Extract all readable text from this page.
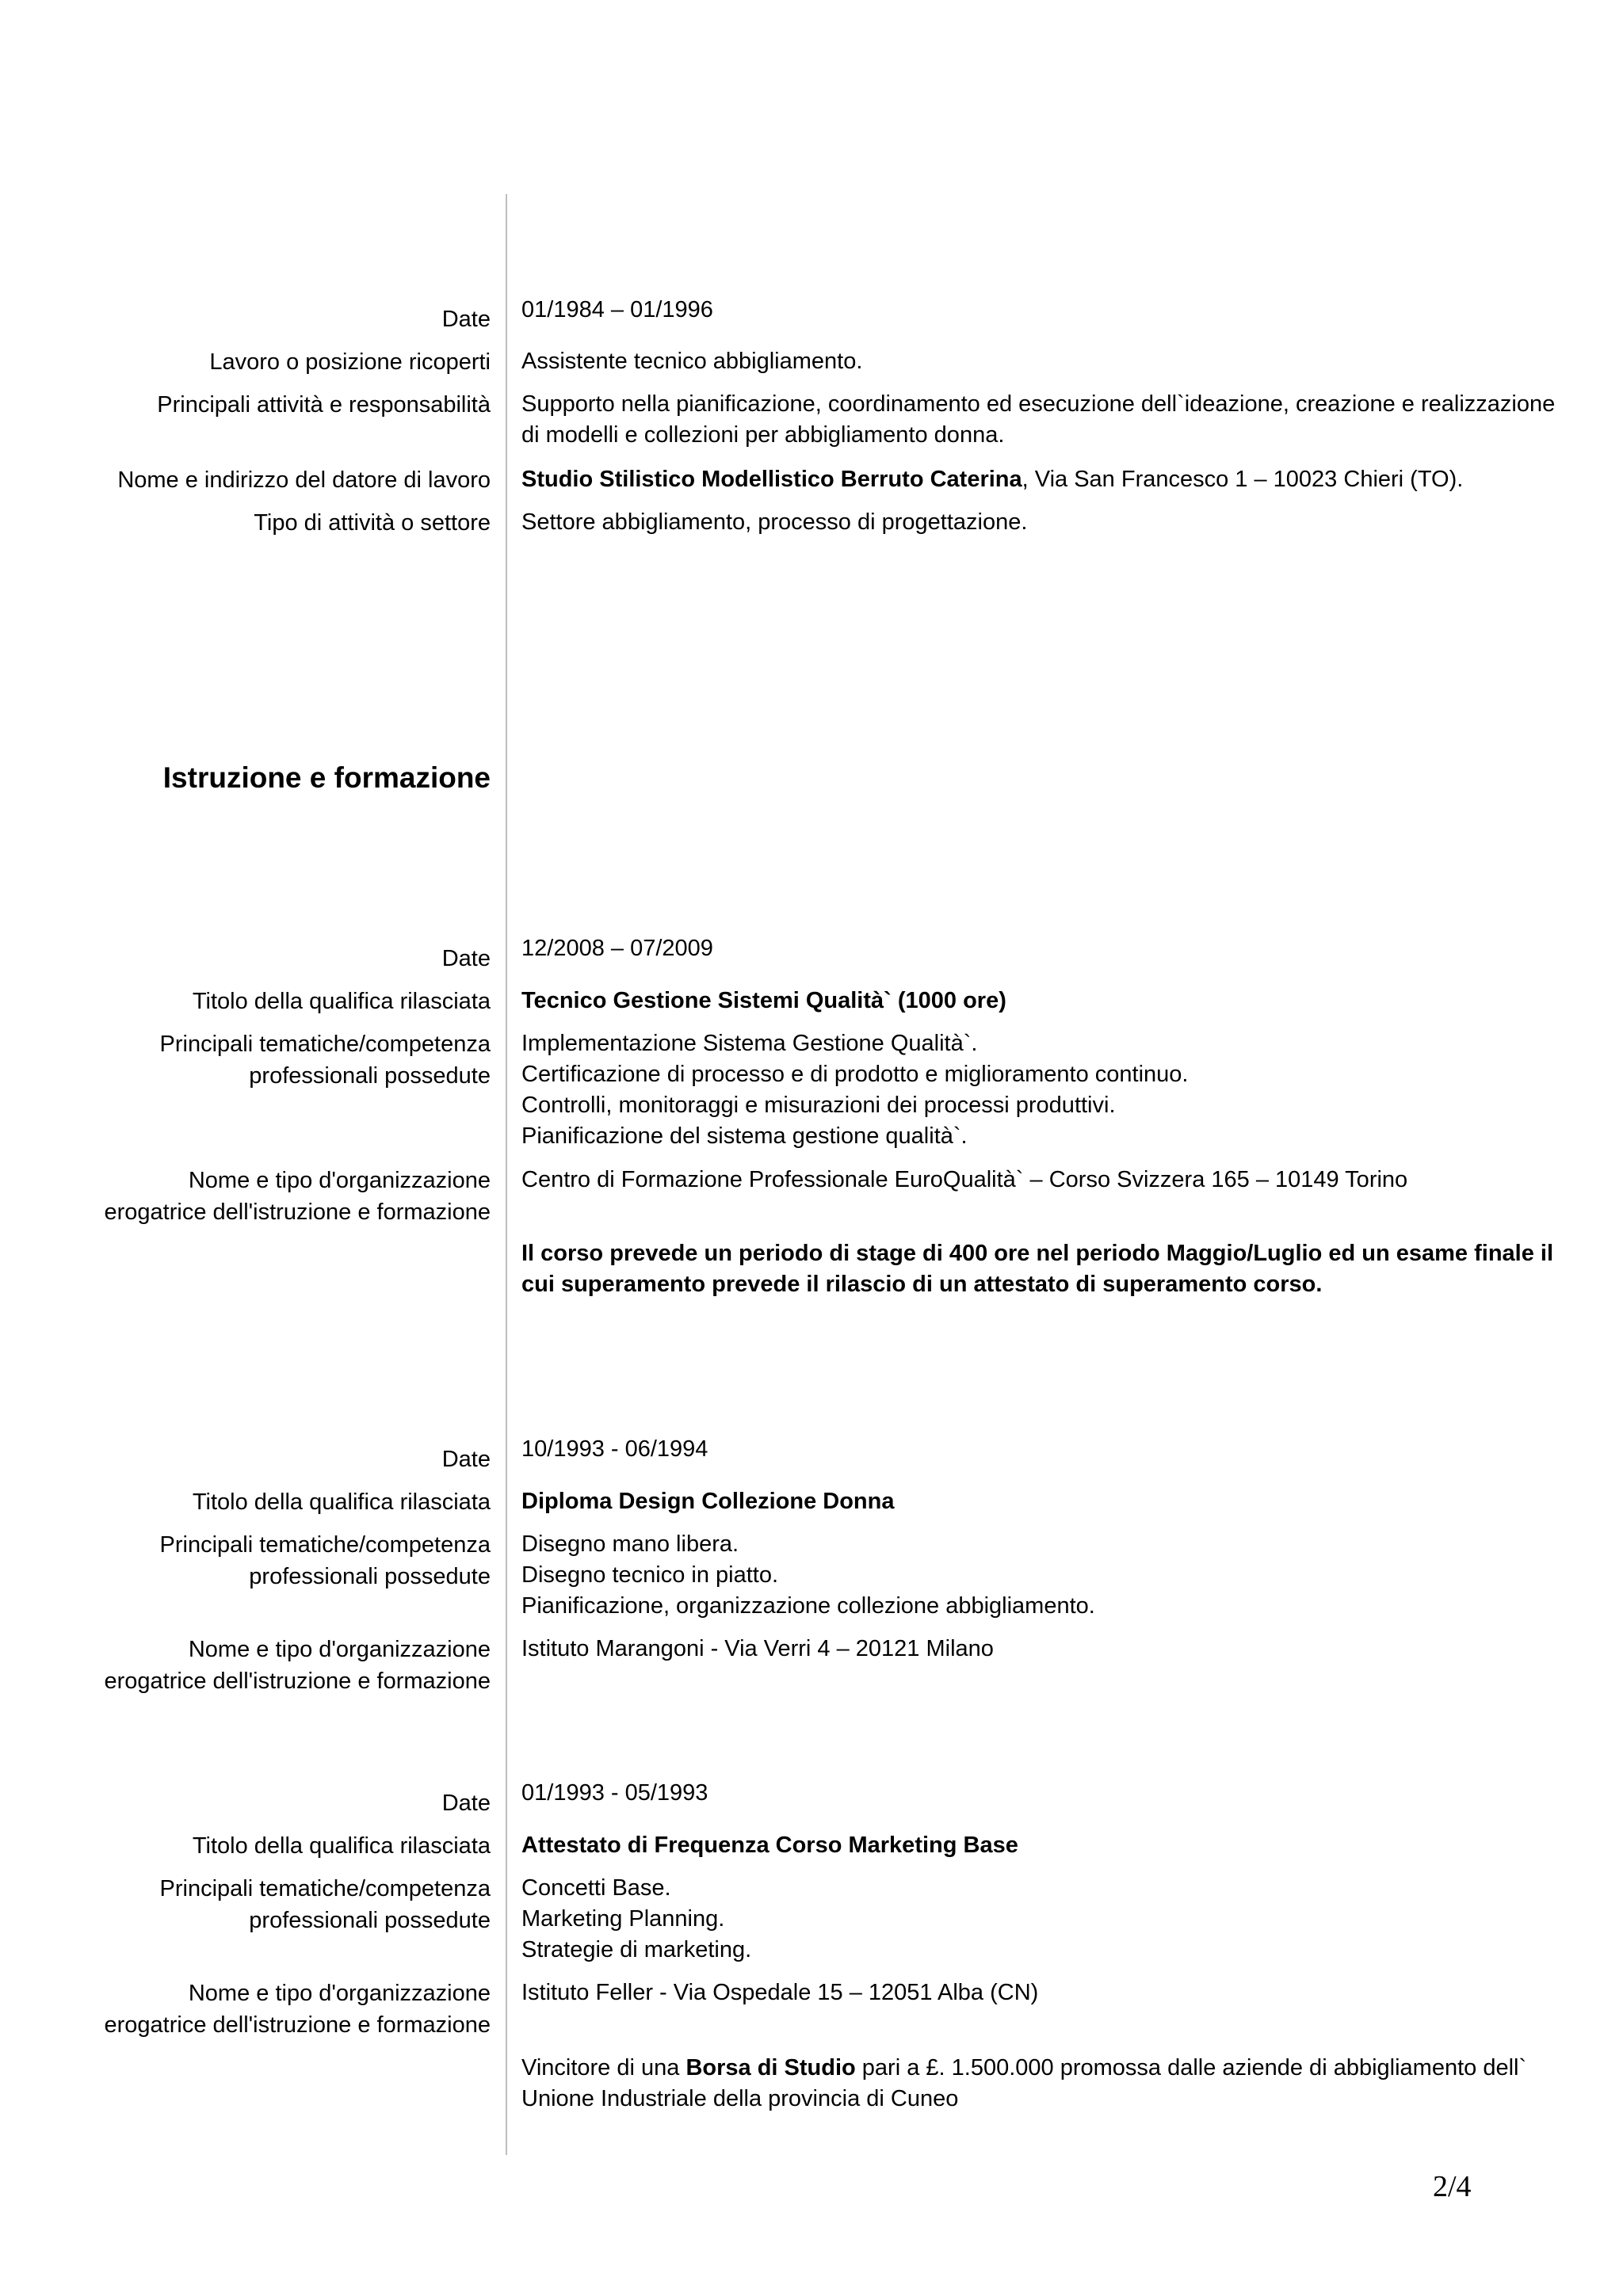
Date 01/1984 – 01/1996
Lavoro o posizione ricoperti Assistente tecnico abbigliamento.
Principali attività e responsabilità Supporto nella pianificazione, coordinamento ed esecuzione dell`ideazione, creazione e realizzazione di modelli e collezioni per abbigliamento donna.
Nome e indirizzo del datore di lavoro Studio Stilistico Modellistico Berruto Caterina, Via San Francesco 1 – 10023 Chieri (TO).
Tipo di attività o settore Settore abbigliamento, processo di progettazione.
Istruzione e formazione
Date 12/2008 – 07/2009
Titolo della qualifica rilasciata Tecnico Gestione Sistemi Qualità` (1000 ore)
Principali tematiche/competenza
professionali possedute
Implementazione Sistema Gestione Qualità`.
Certificazione di processo e di prodotto e miglioramento continuo.
Controlli, monitoraggi e misurazioni dei processi produttivi.
Pianificazione del sistema gestione qualità`.
Nome e tipo d'organizzazione
erogatrice dell'istruzione e formazione
Centro di Formazione Professionale EuroQualità` – Corso Svizzera 165 – 10149 Torino
Il corso prevede un periodo di stage di 400 ore nel periodo Maggio/Luglio ed un esame finale il cui superamento prevede il rilascio di un attestato di superamento corso.
Date 10/1993 - 06/1994
Titolo della qualifica rilasciata Diploma Design Collezione Donna
Principali tematiche/competenza
professionali possedute
Disegno mano libera.
Disegno tecnico in piatto.
Pianificazione, organizzazione collezione abbigliamento.
Nome e tipo d'organizzazione
erogatrice dell'istruzione e formazione
Istituto Marangoni - Via Verri 4 – 20121 Milano
Date 01/1993 - 05/1993
Titolo della qualifica rilasciata Attestato di Frequenza Corso Marketing Base
Principali tematiche/competenza
professionali possedute
Concetti Base.
Marketing Planning.
Strategie di marketing.
Nome e tipo d'organizzazione
erogatrice dell'istruzione e formazione
Istituto Feller - Via Ospedale 15 – 12051 Alba (CN)
Vincitore di una Borsa di Studio pari a £. 1.500.000 promossa dalle aziende di abbigliamento dell` Unione Industriale della provincia di Cuneo
2/4
